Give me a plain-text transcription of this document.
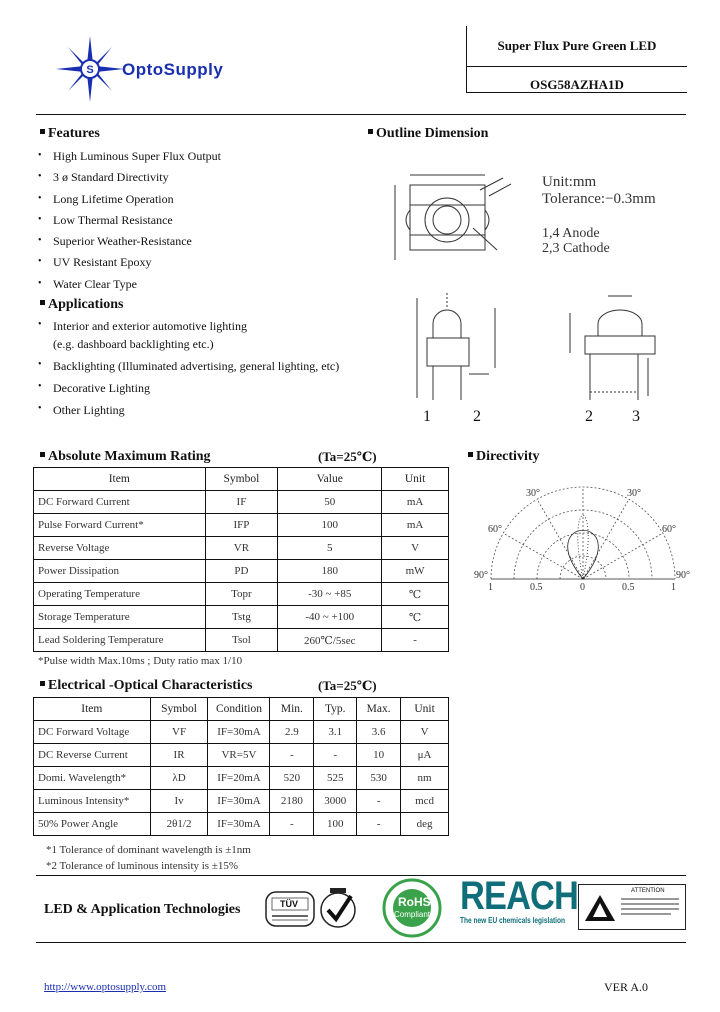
S OptoSupply
Super Flux Pure Green LED
OSG58AZHA1D
Features
• High Luminous Super Flux Output
• 3 ø Standard Directivity
• Long Lifetime Operation
• Low Thermal Resistance
• Superior Weather-Resistance
• UV Resistant Epoxy
• Water Clear Type
Applications
• Interior and exterior automotive lighting
(e.g. dashboard backlighting etc.)
• Backlighting (Illuminated advertising, general lighting, etc)
• Decorative Lighting
• Other Lighting
Outline Dimension
Unit:mm
Tolerance:−0.3mm
1,4 Anode
2,3 Cathode
1	2	2 3
Absolute Maximum Rating	(Ta=25℃)
Item	Symbol	Value	Unit
DC Forward Current	IF	50	mA
Pulse Forward Current*	IFP	100	mA
Reverse Voltage	VR	5	V
Power Dissipation	PD	180	mW
Operating Temperature	Topr	-30 ~ +85	℃
Storage Temperature	Tstg	-40 ~ +100	℃
Lead Soldering Temperature	Tsol	260℃/5sec	-
*Pulse width Max.10ms ; Duty ratio max 1/10
Directivity
30°	30°
60°	60°
90°	90°
1	0.5	0	0.5	1
Electrical -Optical Characteristics	(Ta=25℃)
Item	Symbol	Condition	Min.	Typ.	Max.	Unit
DC Forward Voltage	VF	IF=30mA	2.9	3.1	3.6	V
DC Reverse Current	IR	VR=5V	-	-	10	μA
Domi. Wavelength*	λD	IF=20mA	520	525	530	nm
Luminous Intensity*	Iv	IF=30mA	2180	3000	-	mcd
50% Power Angle	2θ1/2	IF=30mA	-	100	-	deg
*1 Tolerance of dominant wavelength is ±1nm
*2 Tolerance of luminous intensity is ±15%
LED & Application Technologies	TÜV	RoHS
Compliant REACH
The new EU chemicals legislation
ATTENTION
http://www.optosupply.com	VER A.0
